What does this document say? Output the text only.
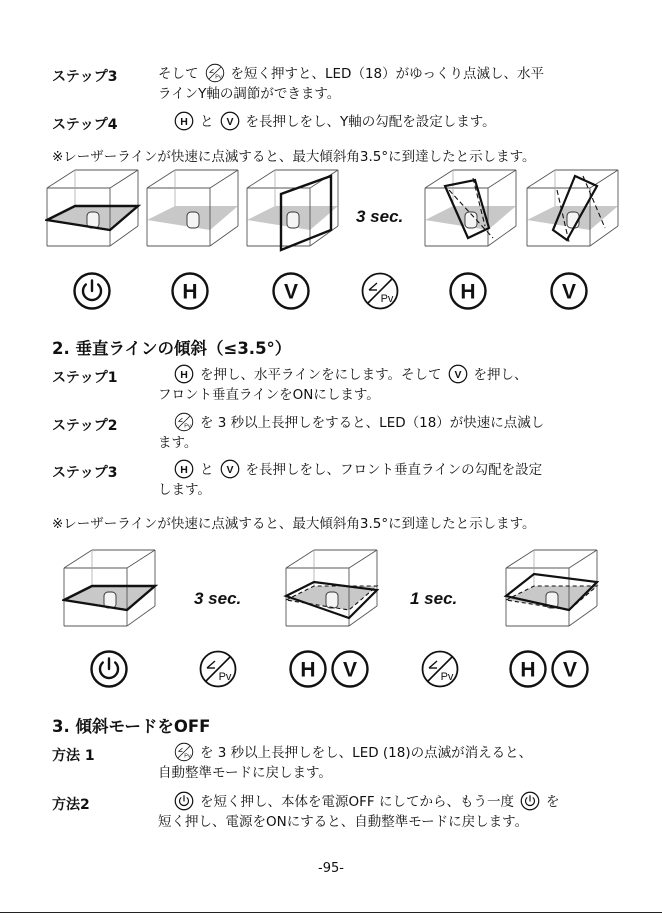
ステップ3	そして を短く押すと、LED（18）がゆっくり点滅し、水平
ラインY軸の調節ができます。
ステップ4	と を長押しをし、Y軸の勾配を設定します。
※レーザーラインが快速に点滅すると、最大傾斜角3.5°に到達したと示します。
3 sec.
2. 垂直ラインの傾斜（≤3.5°）
ステップ1	を押し、水平ラインをにします。そして を押し、
フロント垂直ラインをONにします。
ステップ2	を 3 秒以上長押しをすると、LED（18）が快速に点滅し
ます。
ステップ3	と を長押しをし、フロント垂直ラインの勾配を設定
します。
※レーザーラインが快速に点滅すると、最大傾斜角3.5°に到達したと示します。
3 sec.	1 sec.
3. 傾斜モードをOFF
方法 1	を 3 秒以上長押しをし、LED (18)の点滅が消えると、
自動整準モードに戻します。
方法2	を短く押し、本体を電源OFF にしてから、もう一度 を
短く押し、電源をONにすると、自動整準モードに戻します。
-95-
